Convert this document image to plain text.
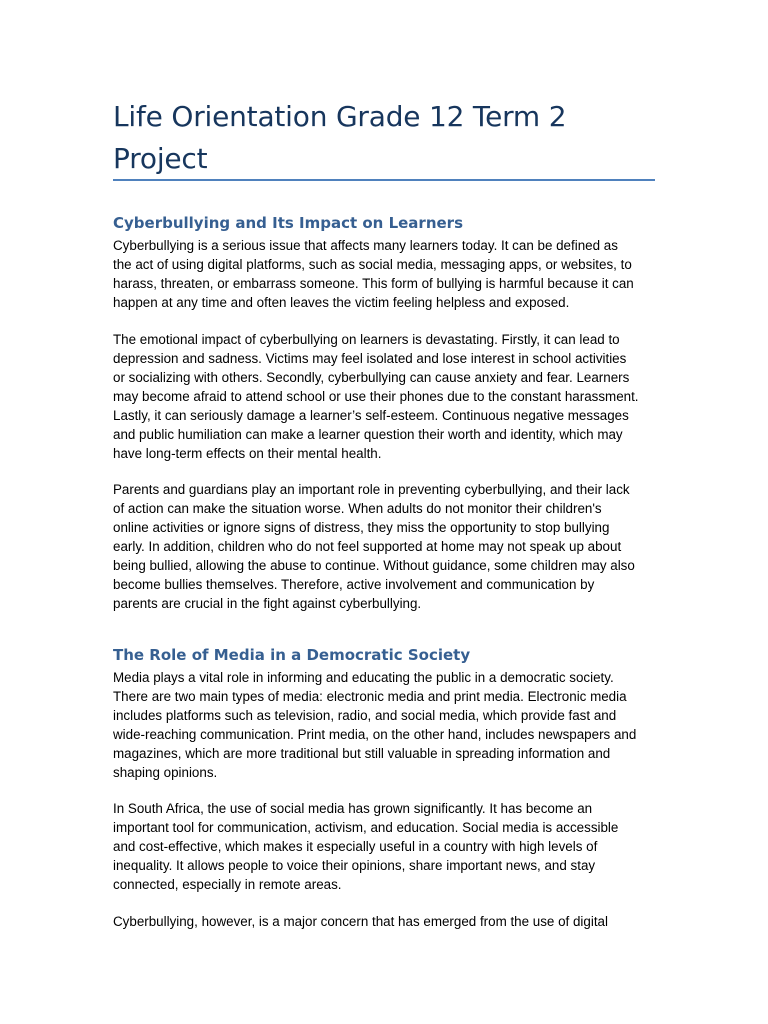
Life Orientation Grade 12 Term 2
Project
Cyberbullying and Its Impact on Learners

Cyberbullying is a serious issue that affects many learners today. It can be defined as
the act of using digital platforms, such as social media, messaging apps, or websites, to
harass, threaten, or embarrass someone. This form of bullying is harmful because it can
happen at any time and often leaves the victim feeling helpless and exposed.

The emotional impact of cyberbullying on learners is devastating. Firstly, it can lead to
depression and sadness. Victims may feel isolated and lose interest in school activities
or socializing with others. Secondly, cyberbullying can cause anxiety and fear. Learners
may become afraid to attend school or use their phones due to the constant harassment.
Lastly, it can seriously damage a learner’s self-esteem. Continuous negative messages
and public humiliation can make a learner question their worth and identity, which may
have long-term effects on their mental health.

Parents and guardians play an important role in preventing cyberbullying, and their lack
of action can make the situation worse. When adults do not monitor their children's
online activities or ignore signs of distress, they miss the opportunity to stop bullying
early. In addition, children who do not feel supported at home may not speak up about
being bullied, allowing the abuse to continue. Without guidance, some children may also
become bullies themselves. Therefore, active involvement and communication by
parents are crucial in the fight against cyberbullying.

The Role of Media in a Democratic Society

Media plays a vital role in informing and educating the public in a democratic society.
There are two main types of media: electronic media and print media. Electronic media
includes platforms such as television, radio, and social media, which provide fast and
wide-reaching communication. Print media, on the other hand, includes newspapers and
magazines, which are more traditional but still valuable in spreading information and
shaping opinions.

In South Africa, the use of social media has grown significantly. It has become an
important tool for communication, activism, and education. Social media is accessible
and cost-effective, which makes it especially useful in a country with high levels of
inequality. It allows people to voice their opinions, share important news, and stay
connected, especially in remote areas.

Cyberbullying, however, is a major concern that has emerged from the use of digital
